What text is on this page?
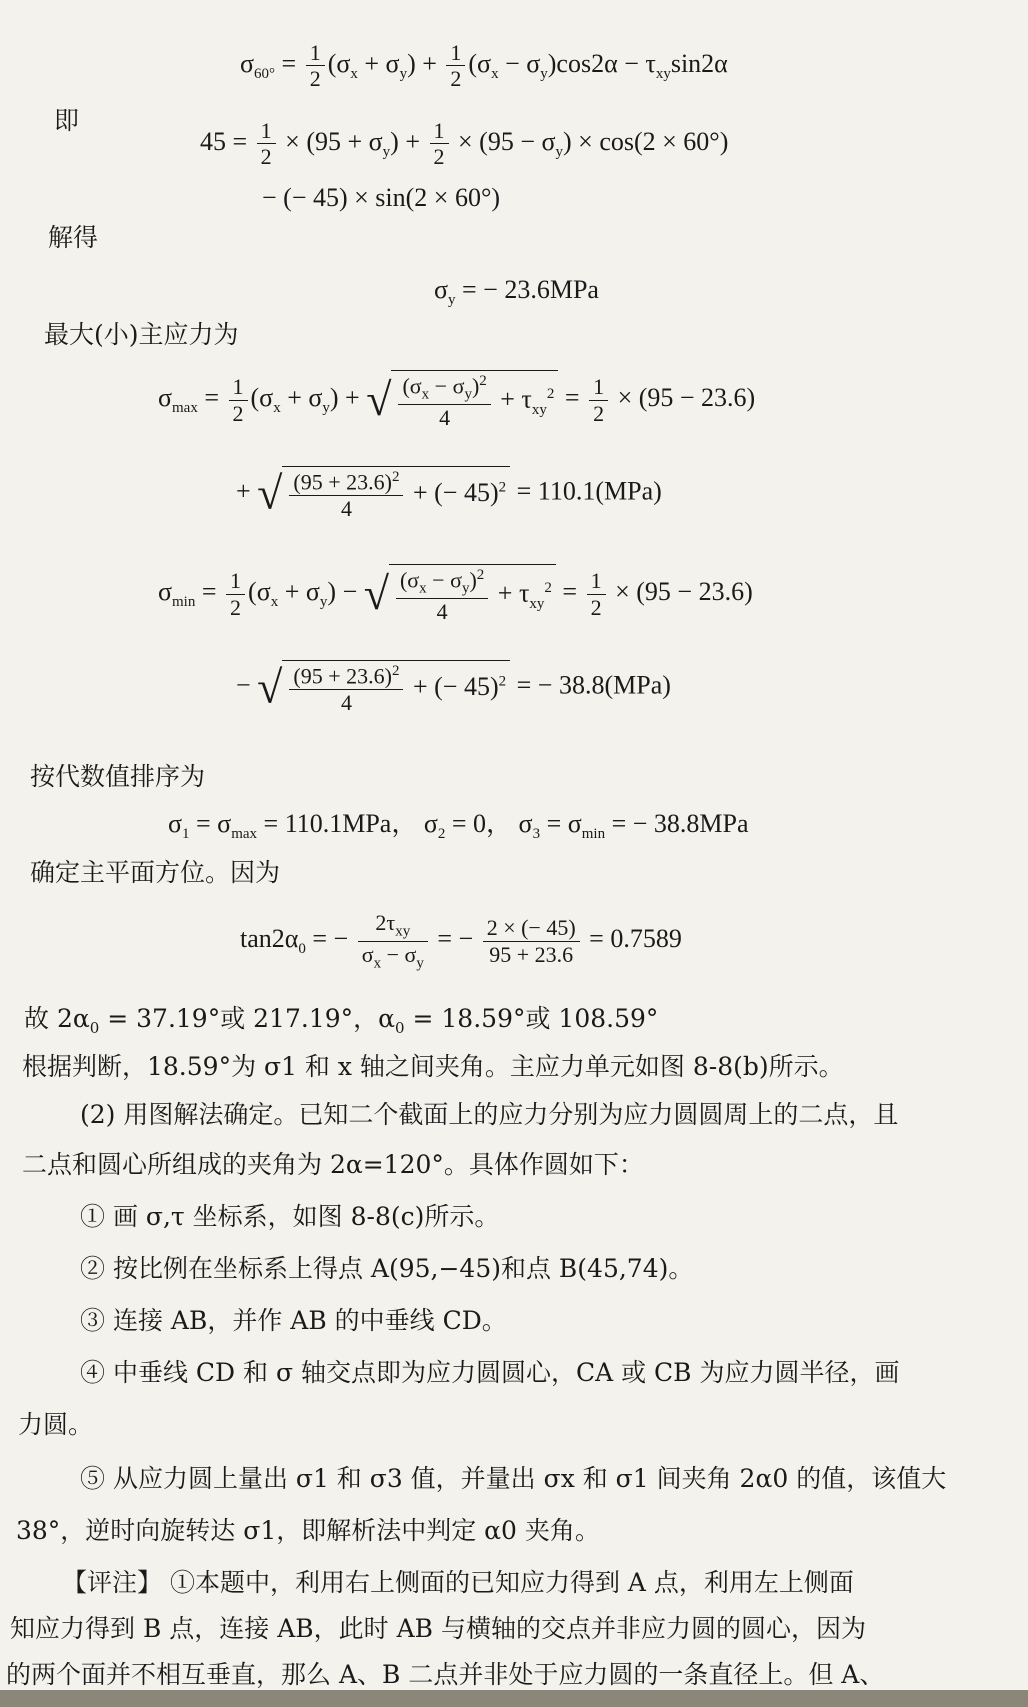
$\sigma_{60^\circ} = \frac{1}{2} (\sigma_x + \sigma_y) + \frac{1}{2} (\sigma_x - \sigma_y)\cos 2\alpha - \tau_{xy}\sin 2\alpha$
即
$45 = \frac{1}{2} \times (95 + \sigma_y) + \frac{1}{2} \times (95 - \sigma_y) \times \cos(2 \times 60^\circ)$
− (− 45) × sin(2 × 60°)
解得
$\sigma_y$ = − 23.6MPa
最大(小)主应力为
$\sigma_{max} = \frac{1}{2} (\sigma_x + \sigma_y)$ + √ $\frac{(\sigma_x - \sigma_y)^2}{4} + \tau_{xy}^2 = \frac{1}{2} \times (95 - 23.6)$
+ √ $\frac{(95 + 23.6)^2}{4}$ + (− 45)$^2$ = 110.1(MPa)
$\sigma_{min} = \frac{1}{2} (\sigma_x + \sigma_y)$ − √ $\frac{(\sigma_x - \sigma_y)^2}{4} + \tau_{xy}^2 = \frac{1}{2} \times (95 - 23.6)$
− √ $\frac{(95 + 23.6)^2}{4}$ + (− 45)$^2$ = − 38.8(MPa)
按代数值排序为
$\sigma_1 = \sigma_{max} = 110.1MPa$， $\sigma_2 = 0$， $\sigma_3 = \sigma_{min}$ = − 38.8MPa
确定主平面方位。因为
$\tan 2\alpha_0$ = − $\frac{2\tau_{xy}}{\sigma_x - \sigma_y}$ = − $\frac{2 \times (- 45)}{95 + 23.6} = 0.7589$
故 $2\alpha_0 = 37.19^\circ$或 217.19°，$\alpha_0 = 18.59^\circ$或 108.59°
根据判断，18.59°为 σ1 和 x 轴之间夹角。主应力单元如图 8-8(b)所示。
(2) 用图解法确定。已知二个截面上的应力分别为应力圆圆周上的二点，且
二点和圆心所组成的夹角为 2α=120°。具体作圆如下：
① 画 σ,τ 坐标系，如图 8-8(c)所示。
② 按比例在坐标系上得点 A(95,−45)和点 B(45,74)。
③ 连接 AB，并作 AB 的中垂线 CD。
④ 中垂线 CD 和 σ 轴交点即为应力圆圆心，CA 或 CB 为应力圆半径，画
力圆。
⑤ 从应力圆上量出 σ1 和 σ3 值，并量出 σx 和 σ1 间夹角 2α0 的值，该值大
38°，逆时向旋转达 σ1，即解析法中判定 α0 夹角。
【评注】 ①本题中，利用右上侧面的已知应力得到 A 点，利用左上侧面
知应力得到 B 点，连接 AB，此时 AB 与横轴的交点并非应力圆的圆心，因为
的两个面并不相互垂直，那么 A、B 二点并非处于应力圆的一条直径上。但 A、
